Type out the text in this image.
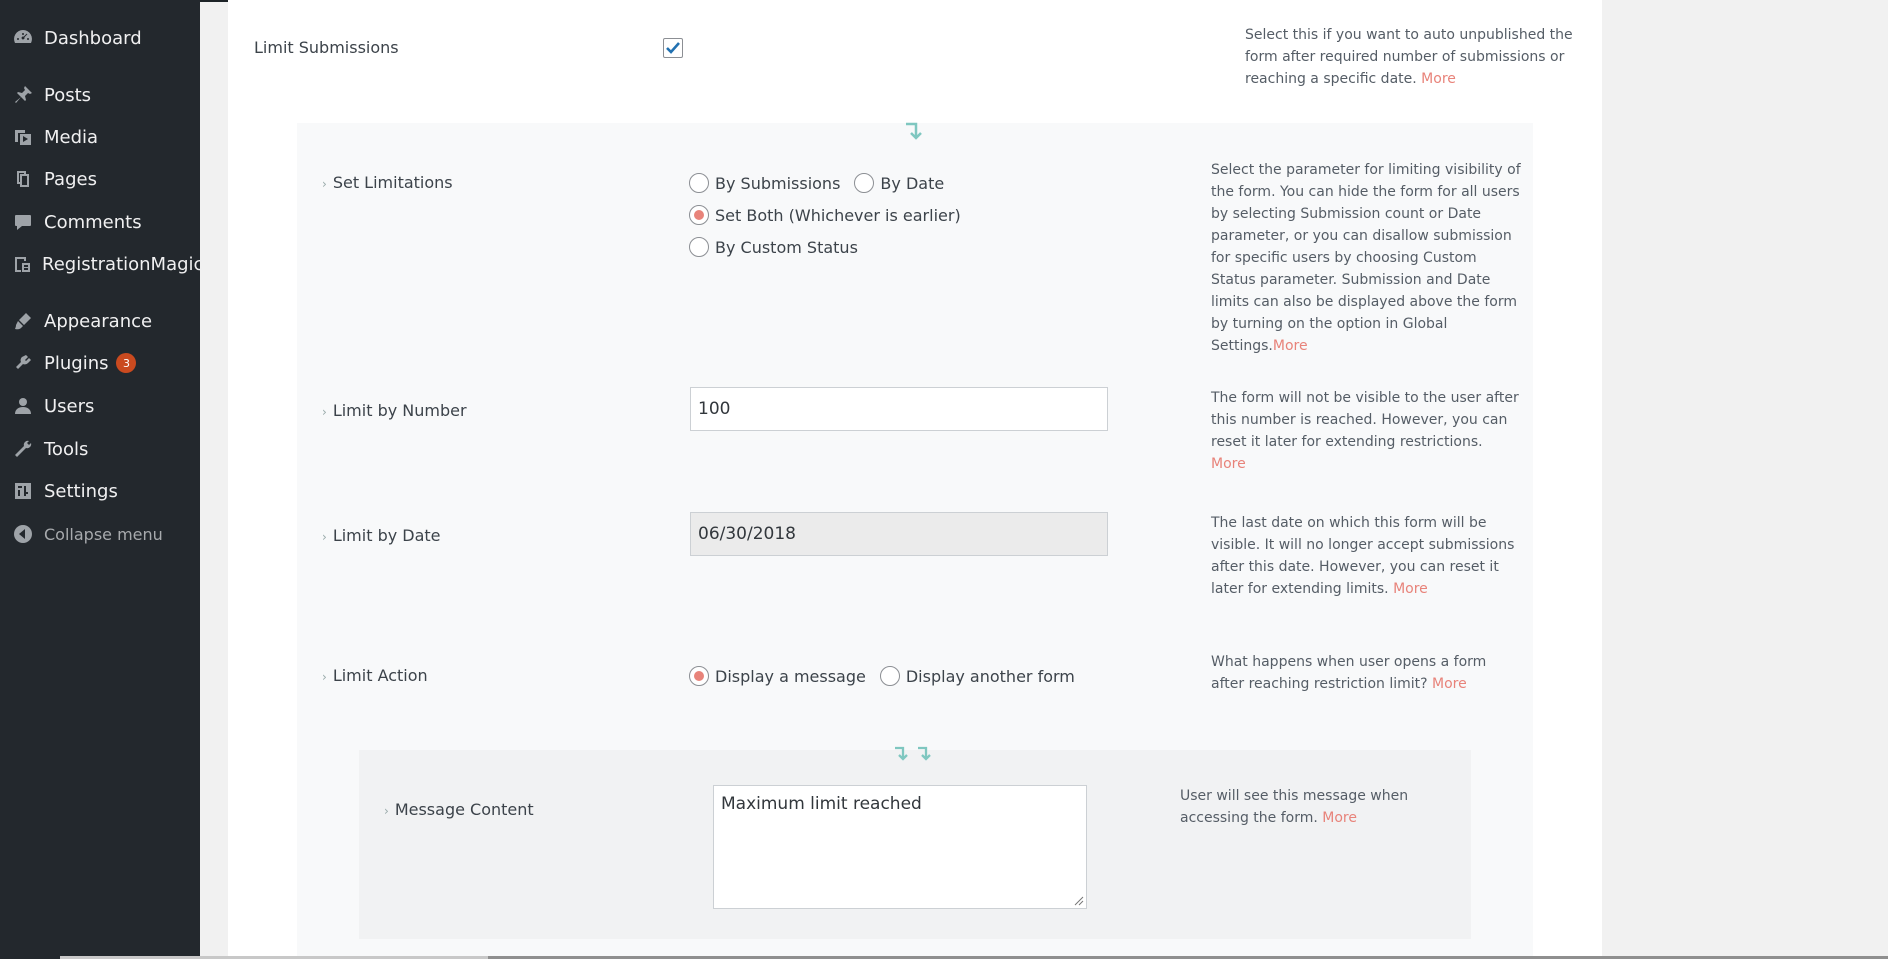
Dashboard
Posts
Media
Pages
Comments
RegistrationMagic
Appearance
Plugins	3
Users
Tools
Settings
Collapse menu
Limit Submissions
Select this if you want to auto unpublished the form after required number of submissions or reaching a specific date. More
› Set Limitations	By Submissions	By Date
Set Both (Whichever is earlier)
By Custom Status
Select the parameter for limiting visibility of the form. You can hide the form for all users by selecting Submission count or Date parameter, or you can disallow submission for specific users by choosing Custom Status parameter. Submission and Date limits can also be displayed above the form by turning on the option in Global Settings.More
› Limit by Number	100
The form will not be visible to the user after this number is reached. However, you can reset it later for extending restrictions. More
› Limit by Date	06/30/2018
The last date on which this form will be visible. It will no longer accept submissions after this date. However, you can reset it later for extending limits. More
› Limit Action	Display a message	Display another form
What happens when user opens a form after reaching restriction limit? More
› Message Content	Maximum limit reached	User will see this message when accessing the form. More
